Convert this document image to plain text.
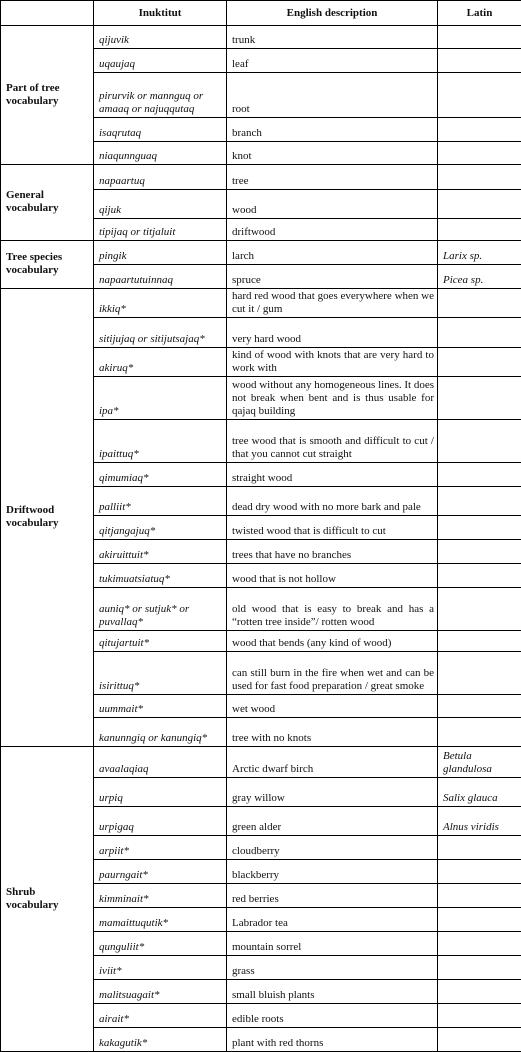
	Inuktitut	English description	Latin
Part of tree vocabulary	qijuvik	trunk	
	uqaujaq	leaf	
	pirurvik or mannguq or amaaq or najuqqutaq	root	
	isaqrutaq	branch	
	niaqunnguaq	knot	
General vocabulary	napaartuq	tree	
	qijuk	wood	
	tipijaq or titjaluit	driftwood	
Tree species vocabulary	pingik	larch	Larix sp.
	napaartutuinnaq	spruce	Picea sp.
Driftwood vocabulary	ikkiq*	hard red wood that goes everywhere when we cut it / gum	
	sitijujaq or sitijutsajaq*	very hard wood	
	akiruq*	kind of wood with knots that are very hard to work with	
	ipa*	wood without any homogeneous lines. It does not break when bent and is thus usable for qajaq building	
	ipaittuq*	tree wood that is smooth and difficult to cut / that you cannot cut straight	
	qimumiaq*	straight wood	
	palliit*	dead dry wood with no more bark and pale	
	qitjangajuq*	twisted wood that is difficult to cut	
	akiruittuit*	trees that have no branches	
	tukimuatsiatuq*	wood that is not hollow	
	auniq* or sutjuk* or puvallaq*	old wood that is easy to break and has a “rotten tree inside”/ rotten wood	
	qitujartuit*	wood that bends (any kind of wood)	
	isirittuq*	can still burn in the fire when wet and can be used for fast food preparation / great smoke	
	uummait*	wet wood	
	kanunngiq or kanungiq*	tree with no knots	
Shrub vocabulary	avaalaqiaq	Arctic dwarf birch	Betula glandulosa
	urpiq	gray willow	Salix glauca
	urpigaq	green alder	Alnus viridis
	arpiit*	cloudberry	
	paurngait*	blackberry	
	kimminait*	red berries	
	mamaittuqutik*	Labrador tea	
	qunguliit*	mountain sorrel	
	iviit*	grass	
	malitsuagait*	small bluish plants	
	airait*	edible roots	
	kakagutik*	plant with red thorns	
